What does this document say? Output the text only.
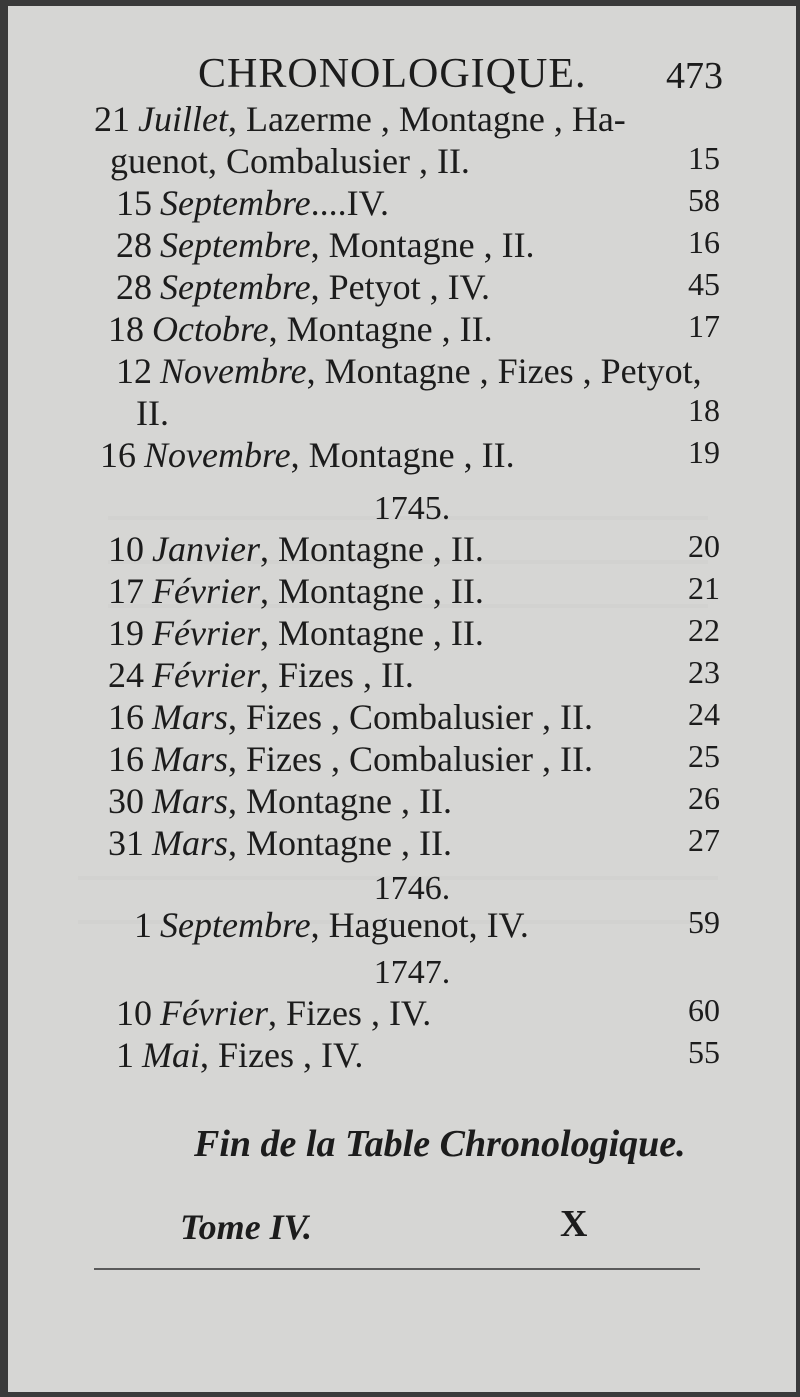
CHRONOLOGIQUE. 473
21 Juillet, Lazerme , Montagne , Ha-
guenot, Combalusier , II.	15
15 Septembre....IV.	58
28 Septembre, Montagne , II.	16
28 Septembre, Petyot , IV.	45
18 Octobre, Montagne , II.	17
12 Novembre, Montagne , Fizes , Petyot,
II.	18
16 Novembre, Montagne , II.	19
1745.
10 Janvier, Montagne , II.	20
17 Février, Montagne , II.	21
19 Février, Montagne , II.	22
24 Février, Fizes , II.	23
16 Mars, Fizes , Combalusier , II.	24
16 Mars, Fizes , Combalusier , II.	25
30 Mars, Montagne , II.	26
31 Mars, Montagne , II.	27
1746.
1 Septembre, Haguenot, IV.	59
1747.
10 Février, Fizes , IV.	60
1 Mai, Fizes , IV.	55
Fin de la Table Chronologique.
Tome IV.	X
